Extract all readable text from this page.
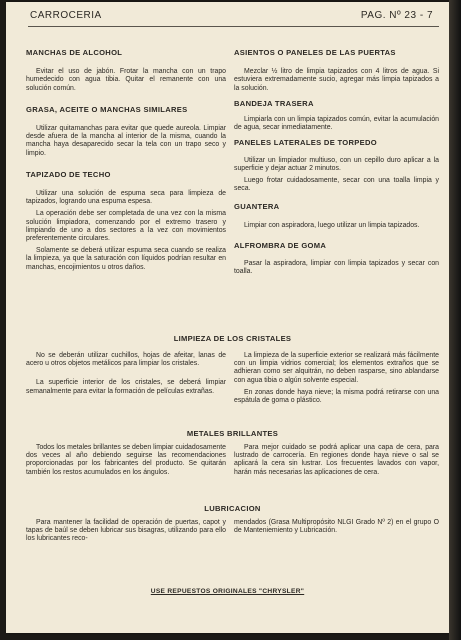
CARROCERIA	PAG. Nº 23 - 7
MANCHAS DE ALCOHOL

Evitar el uso de jabón. Frotar la mancha con un trapo humedecido con agua tibia. Quitar el remanente con una solución común.

GRASA, ACEITE O MANCHAS SIMILARES

Utilizar quitamanchas para evitar que quede aureola. Limpiar desde afuera de la mancha al interior de la misma, cuando la mancha haya desaparecido secar la tela con un trapo seco y limpio.

TAPIZADO DE TECHO

Utilizar una solución de espuma seca para limpieza de tapizados, logrando una espuma espesa.

La operación debe ser completada de una vez con la misma solución limpiadora, comenzando por el extremo trasero y limpiando de uno a dos sectores a la vez con movimientos preferentemente circulares.

Solamente se deberá utilizar espuma seca cuando se realiza la limpieza, ya que la saturación con líquidos podrían resultar en manchas, encojimientos u otros daños.

ASIENTOS O PANELES DE LAS PUERTAS

Mezclar ½ litro de limpia tapizados con 4 litros de agua. Si estuviera extremadamente sucio, agregar más limpia tapizados a la solución.

BANDEJA TRASERA

Limpiarla con un limpia tapizados común, evitar la acumulación de agua, secar inmediatamente.

PANELES LATERALES DE TORPEDO

Utilizar un limpiador multiuso, con un cepillo duro aplicar a la superficie y dejar actuar 2 minutos.

Luego frotar cuidadosamente, secar con una toalla limpia y seca.

GUANTERA

Limpiar con aspiradora, luego utilizar un limpia tapizados.

ALFROMBRA DE GOMA

Pasar la aspiradora, limpiar con limpia tapizados y secar con toalla.

LIMPIEZA DE LOS CRISTALES

No se deberán utilizar cuchillos, hojas de afeitar, lanas de acero u otros objetos metálicos para limpiar los cristales.

La superficie interior de los cristales, se deberá limpiar semanalmente para evitar la formación de películas extrañas.

La limpieza de la superficie exterior se realizará más fácilmente con un limpia vidrios comercial; los elementos extraños que se adhieran como ser alquitrán, no deben rasparse, sino ablandarse con agua tibia o algún solvente especial.

En zonas donde haya nieve; la misma podrá retirarse con una espátula de goma o plástico.

METALES BRILLANTES

Todos los metales brillantes se deben limpiar cuidadosamente dos veces al año debiendo seguirse las recomendaciones proporcionadas por los fabricantes del producto. Se quitarán también los restos acumulados en los ángulos.

Para mejor cuidado se podrá aplicar una capa de cera, para lustrado de carrocería. En regiones donde haya nieve o sal se aplicará la cera sin lustrar. Los frecuentes lavados con vapor, harán más necesarias las aplicaciones de cera.

LUBRICACION

Para mantener la facilidad de operación de puertas, capot y tapas de baúl se deben lubricar sus bisagras, utilizando para ello los lubricantes reco-

mendados (Grasa Multipropósito NLGI Grado Nº 2) en el grupo O de Manteniemiento y Lubricación.

USE REPUESTOS ORIGINALES "CHRYSLER"
